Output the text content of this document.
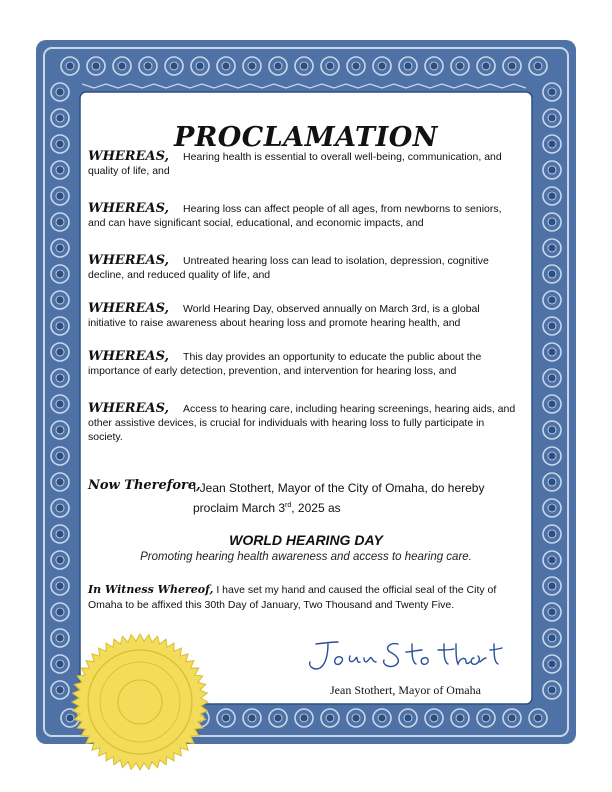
PROCLAMATION
WHEREAS, Hearing health is essential to overall well-being, communication, and quality of life, and
WHEREAS, Hearing loss can affect people of all ages, from newborns to seniors, and can have significant social, educational, and economic impacts, and
WHEREAS, Untreated hearing loss can lead to isolation, depression, cognitive decline, and reduced quality of life, and
WHEREAS, World Hearing Day, observed annually on March 3rd, is a global initiative to raise awareness about hearing loss and promote hearing health, and
WHEREAS, This day provides an opportunity to educate the public about the importance of early detection, prevention, and intervention for hearing loss, and
WHEREAS, Access to hearing care, including hearing screenings, hearing aids, and other assistive devices, is crucial for individuals with hearing loss to fully participate in society.
Now Therefore,
I Jean Stothert, Mayor of the City of Omaha, do hereby proclaim March 3rd, 2025 as
WORLD HEARING DAY
Promoting hearing health awareness and access to hearing care.
In Witness Whereof, I have set my hand and caused the official seal of the City of Omaha to be affixed this 30th Day of January, Two Thousand and Twenty Five.
Jean Stothert, Mayor of Omaha
